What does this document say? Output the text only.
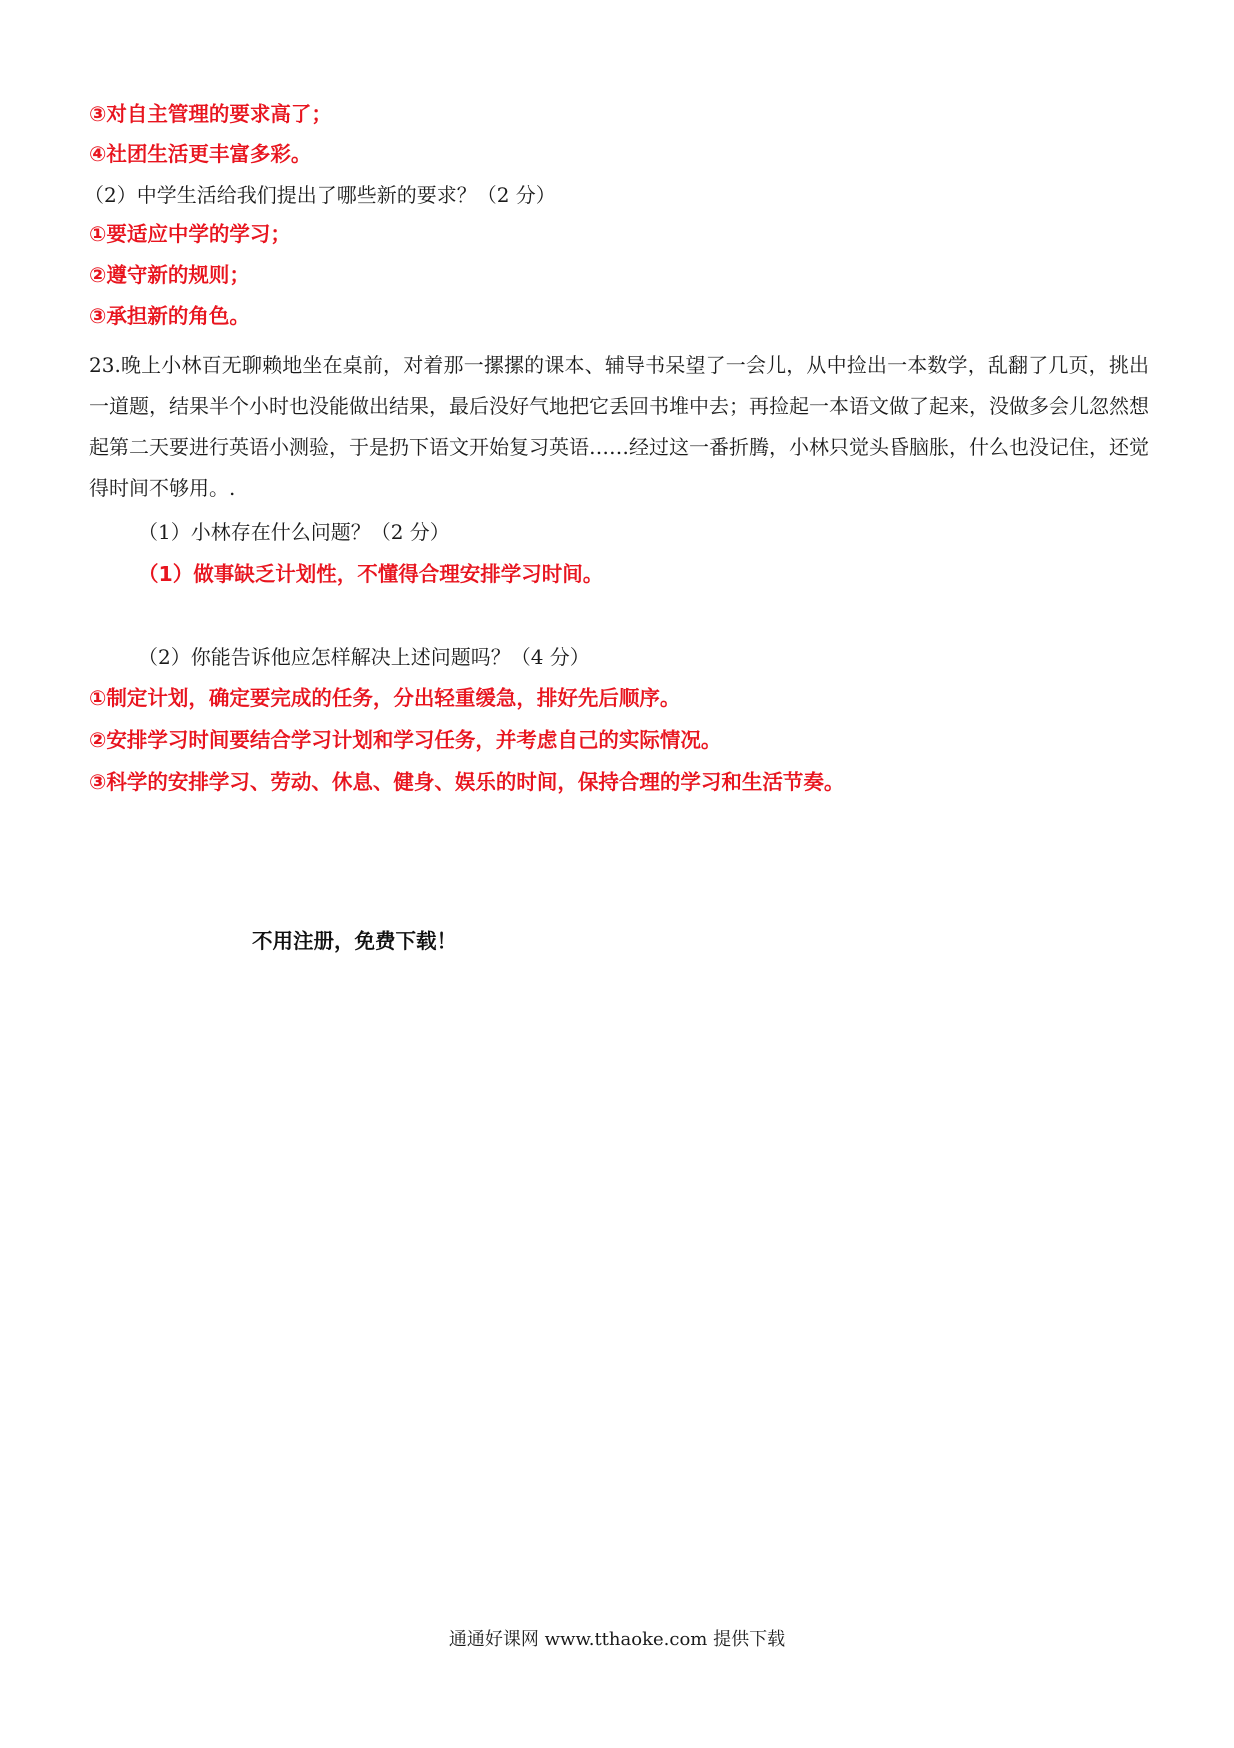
③对自主管理的要求高了；
④社团生活更丰富多彩。
（2）中学生活给我们提出了哪些新的要求？（2 分）
①要适应中学的学习；
②遵守新的规则；
③承担新的角色。
23.晚上小林百无聊赖地坐在桌前，对着那一摞摞的课本、辅导书呆望了一会儿，从中捡出一本数学，乱翻了几页，挑出一道题，结果半个小时也没能做出结果，最后没好气地把它丢回书堆中去；再捡起一本语文做了起来，没做多会儿忽然想起第二天要进行英语小测验，于是扔下语文开始复习英语……经过这一番折腾，小林只觉头昏脑胀，什么也没记住，还觉得时间不够用。.
（1）小林存在什么问题？（2 分）
（1）做事缺乏计划性，不懂得合理安排学习时间。
（2）你能告诉他应怎样解决上述问题吗？（4 分）
①制定计划，确定要完成的任务，分出轻重缓急，排好先后顺序。
②安排学习时间要结合学习计划和学习任务，并考虑自己的实际情况。
③科学的安排学习、劳动、休息、健身、娱乐的时间，保持合理的学习和生活节奏。
不用注册，免费下载！
通通好课网 www.tthaoke.com 提供下载
